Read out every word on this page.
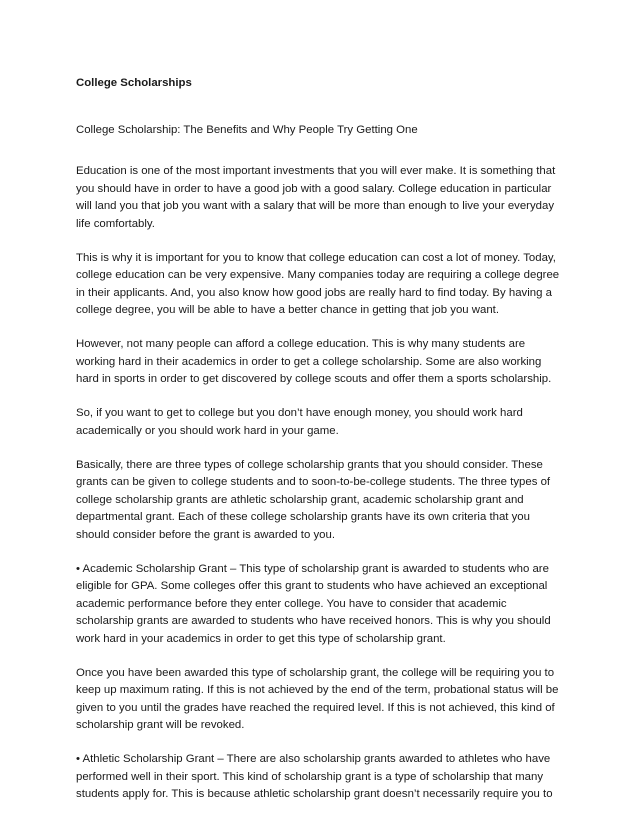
College Scholarships

College Scholarship: The Benefits and Why People Try Getting One

Education is one of the most important investments that you will ever make. It is something that
you should have in order to have a good job with a good salary. College education in particular
will land you that job you want with a salary that will be more than enough to live your everyday
life comfortably.

This is why it is important for you to know that college education can cost a lot of money. Today,
college education can be very expensive. Many companies today are requiring a college degree
in their applicants. And, you also know how good jobs are really hard to find today. By having a
college degree, you will be able to have a better chance in getting that job you want.

However, not many people can afford a college education. This is why many students are
working hard in their academics in order to get a college scholarship. Some are also working
hard in sports in order to get discovered by college scouts and offer them a sports scholarship.

So, if you want to get to college but you don’t have enough money, you should work hard
academically or you should work hard in your game.

Basically, there are three types of college scholarship grants that you should consider. These
grants can be given to college students and to soon-to-be-college students. The three types of
college scholarship grants are athletic scholarship grant, academic scholarship grant and
departmental grant. Each of these college scholarship grants have its own criteria that you
should consider before the grant is awarded to you.

• Academic Scholarship Grant – This type of scholarship grant is awarded to students who are
eligible for GPA. Some colleges offer this grant to students who have achieved an exceptional
academic performance before they enter college. You have to consider that academic
scholarship grants are awarded to students who have received honors. This is why you should
work hard in your academics in order to get this type of scholarship grant.

Once you have been awarded this type of scholarship grant, the college will be requiring you to
keep up maximum rating. If this is not achieved by the end of the term, probational status will be
given to you until the grades have reached the required level. If this is not achieved, this kind of
scholarship grant will be revoked.

• Athletic Scholarship Grant – There are also scholarship grants awarded to athletes who have
performed well in their sport. This kind of scholarship grant is a type of scholarship that many
students apply for. This is because athletic scholarship grant doesn’t necessarily require you to
